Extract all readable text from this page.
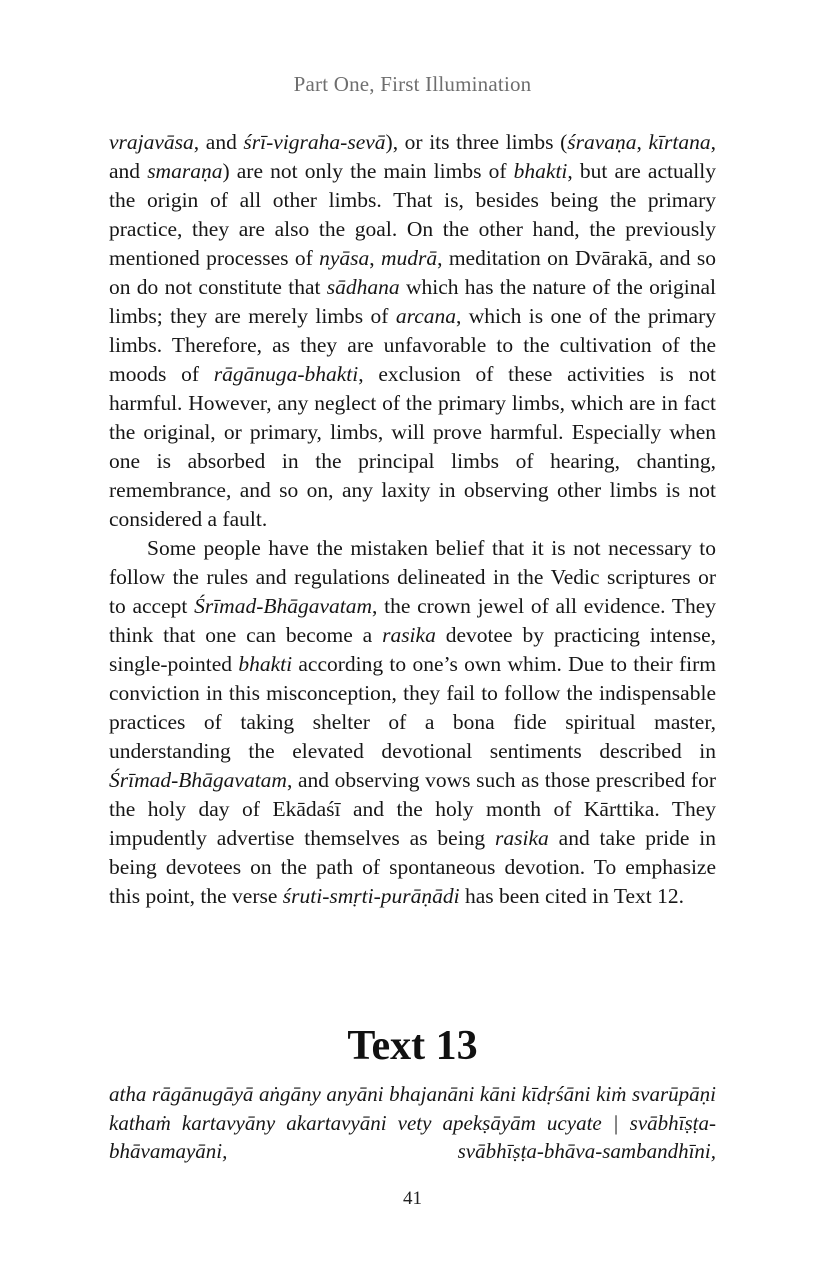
Part One, First Illumination

vrajavāsa, and śrī-vigraha-sevā), or its three limbs (śravaṇa, kīrtana, and smaraṇa) are not only the main limbs of bhakti, but are actually the origin of all other limbs. That is, besides being the primary practice, they are also the goal. On the other hand, the previously mentioned processes of nyāsa, mudrā, meditation on Dvārakā, and so on do not constitute that sādhana which has the nature of the original limbs; they are merely limbs of arcana, which is one of the primary limbs. Therefore, as they are unfavorable to the cultivation of the moods of rāgānuga-bhakti, exclusion of these activities is not harmful. However, any neglect of the primary limbs, which are in fact the original, or primary, limbs, will prove harmful. Especially when one is absorbed in the principal limbs of hearing, chanting, remembrance, and so on, any laxity in observing other limbs is not considered a fault.

Some people have the mistaken belief that it is not necessary to follow the rules and regulations delineated in the Vedic scriptures or to accept Śrīmad-Bhāgavatam, the crown jewel of all evidence. They think that one can become a rasika devotee by practicing intense, single-pointed bhakti according to one’s own whim. Due to their firm conviction in this misconception, they fail to follow the indispensable practices of taking shelter of a bona fide spiritual master, understanding the elevated devotional sentiments described in Śrīmad-Bhāgavatam, and observing vows such as those prescribed for the holy day of Ekādaśī and the holy month of Kārttika. They impudently advertise themselves as being rasika and take pride in being devotees on the path of spontaneous devotion. To emphasize this point, the verse śruti-smṛti-purāṇādi has been cited in Text 12.

Text 13
atha rāgānugāyā aṅgāny anyāni bhajanāni kāni kīdṛśāni kiṁ svarūpāṇi kathaṁ kartavyāny akartavyāni vety apekṣāyām ucyate | svābhīṣṭa-bhāvamayāni, svābhīṣṭa-bhāva-sambandhīni,
41
